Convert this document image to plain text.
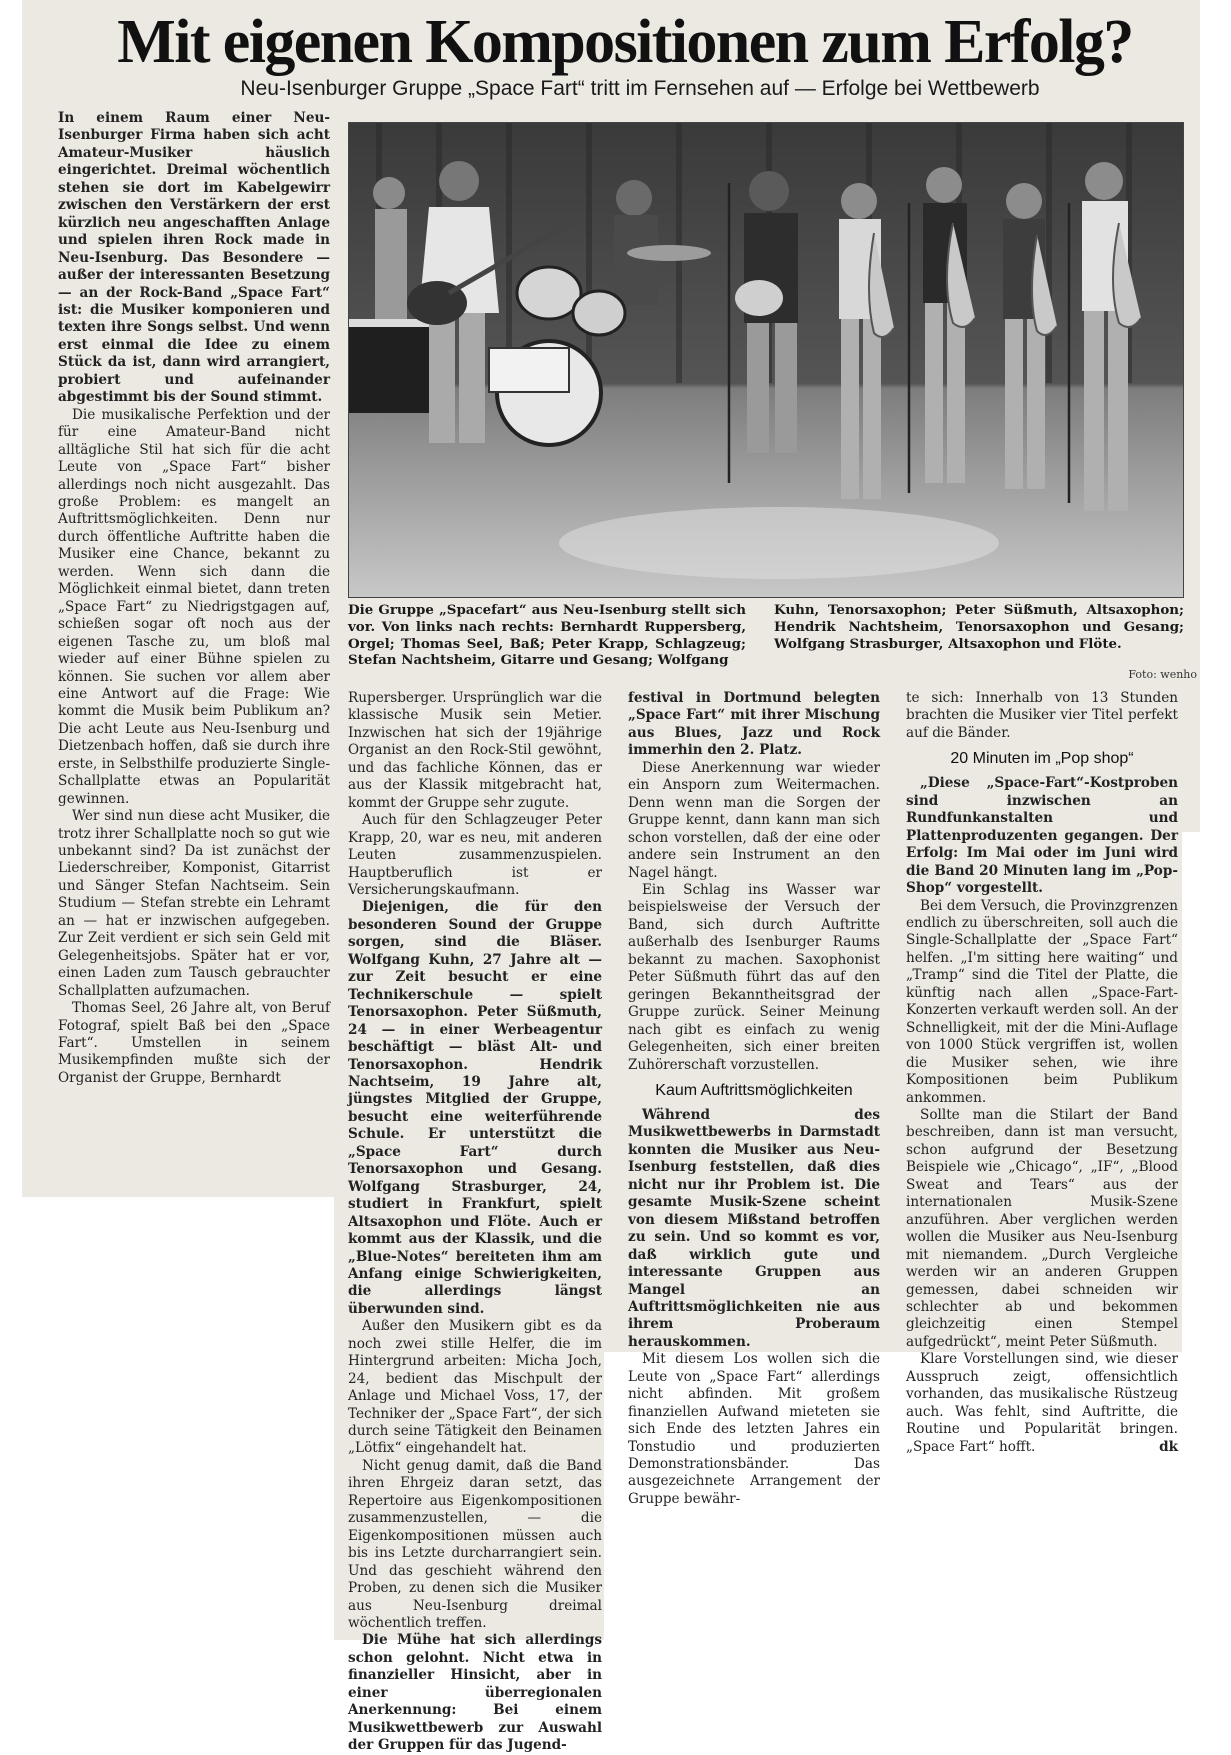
Mit eigenen Kompositionen zum Erfolg?

Neu-Isenburger Gruppe „Space Fart“ tritt im Fernsehen auf — Erfolge bei Wettbewerb

In einem Raum einer Neu-Isenburger Firma haben sich acht Amateur-Musiker häuslich eingerichtet. Dreimal wöchentlich stehen sie dort im Kabelgewirr zwischen den Verstärkern der erst kürzlich neu angeschafften Anlage und spielen ihren Rock made in Neu-Isenburg. Das Besondere — außer der interessanten Besetzung — an der Rock-Band „Space Fart“ ist: die Musiker komponieren und texten ihre Songs selbst. Und wenn erst einmal die Idee zu einem Stück da ist, dann wird arrangiert, probiert und aufeinander abgestimmt bis der Sound stimmt.

Die musikalische Perfektion und der für eine Amateur-Band nicht alltägliche Stil hat sich für die acht Leute von „Space Fart“ bisher allerdings noch nicht ausgezahlt. Das große Problem: es mangelt an Auftrittsmöglichkeiten. Denn nur durch öffentliche Auftritte haben die Musiker eine Chance, bekannt zu werden. Wenn sich dann die Möglichkeit einmal bietet, dann treten „Space Fart“ zu Niedrigstgagen auf, schießen sogar oft noch aus der eigenen Tasche zu, um bloß mal wieder auf einer Bühne spielen zu können. Sie suchen vor allem aber eine Antwort auf die Frage: Wie kommt die Musik beim Publikum an? Die acht Leute aus Neu-Isenburg und Dietzenbach hoffen, daß sie durch ihre erste, in Selbsthilfe produzierte Single-Schallplatte etwas an Popularität gewinnen.

Wer sind nun diese acht Musiker, die trotz ihrer Schallplatte noch so gut wie unbekannt sind? Da ist zunächst der Liederschreiber, Komponist, Gitarrist und Sänger Stefan Nachtseim. Sein Studium — Stefan strebte ein Lehramt an — hat er inzwischen aufgegeben. Zur Zeit verdient er sich sein Geld mit Gelegenheitsjobs. Später hat er vor, einen Laden zum Tausch gebrauchter Schallplatten aufzumachen.

Thomas Seel, 26 Jahre alt, von Beruf Fotograf, spielt Baß bei den „Space Fart“. Umstellen in seinem Musikempfinden mußte sich der Organist der Gruppe, Bernhardt

Die Gruppe „Spacefart“ aus Neu-Isenburg stellt sich vor. Von links nach rechts: Bernhardt Ruppersberg, Orgel; Thomas Seel, Baß; Peter Krapp, Schlagzeug; Stefan Nachtsheim, Gitarre und Gesang; Wolfgang

Kuhn, Tenorsaxophon; Peter Süßmuth, Altsaxophon; Hendrik Nachtsheim, Tenorsaxophon und Gesang; Wolfgang Strasburger, Altsaxophon und Flöte.

Foto: wenho

Rupersberger. Ursprünglich war die klassische Musik sein Metier. Inzwischen hat sich der 19jährige Organist an den Rock-Stil gewöhnt, und das fachliche Können, das er aus der Klassik mitgebracht hat, kommt der Gruppe sehr zugute.

Auch für den Schlagzeuger Peter Krapp, 20, war es neu, mit anderen Leuten zusammenzuspielen. Hauptberuflich ist er Versicherungskaufmann.

Diejenigen, die für den besonderen Sound der Gruppe sorgen, sind die Bläser. Wolfgang Kuhn, 27 Jahre alt — zur Zeit besucht er eine Technikerschule — spielt Tenorsaxophon. Peter Süßmuth, 24 — in einer Werbeagentur beschäftigt — bläst Alt- und Tenorsaxophon. Hendrik Nachtseim, 19 Jahre alt, jüngstes Mitglied der Gruppe, besucht eine weiterführende Schule. Er unterstützt die „Space Fart“ durch Tenorsaxophon und Gesang. Wolfgang Strasburger, 24, studiert in Frankfurt, spielt Altsaxophon und Flöte. Auch er kommt aus der Klassik, und die „Blue-Notes“ bereiteten ihm am Anfang einige Schwierigkeiten, die allerdings längst überwunden sind.

Außer den Musikern gibt es da noch zwei stille Helfer, die im Hintergrund arbeiten: Micha Joch, 24, bedient das Mischpult der Anlage und Michael Voss, 17, der Techniker der „Space Fart“, der sich durch seine Tätigkeit den Beinamen „Lötfix“ eingehandelt hat.

Nicht genug damit, daß die Band ihren Ehrgeiz daran setzt, das Repertoire aus Eigenkompositionen zusammenzustellen, — die Eigenkompositionen müssen auch bis ins Letzte durcharrangiert sein. Und das geschieht während den Proben, zu denen sich die Musiker aus Neu-Isenburg dreimal wöchentlich treffen.

Die Mühe hat sich allerdings schon gelohnt. Nicht etwa in finanzieller Hinsicht, aber in einer überregionalen Anerkennung: Bei einem Musikwettbewerb zur Auswahl der Gruppen für das Jugend-

festival in Dortmund belegten „Space Fart“ mit ihrer Mischung aus Blues, Jazz und Rock immerhin den 2. Platz.

Diese Anerkennung war wieder ein Ansporn zum Weitermachen. Denn wenn man die Sorgen der Gruppe kennt, dann kann man sich schon vorstellen, daß der eine oder andere sein Instrument an den Nagel hängt.

Ein Schlag ins Wasser war beispielsweise der Versuch der Band, sich durch Auftritte außerhalb des Isenburger Raums bekannt zu machen. Saxophonist Peter Süßmuth führt das auf den geringen Bekanntheitsgrad der Gruppe zurück. Seiner Meinung nach gibt es einfach zu wenig Gelegenheiten, sich einer breiten Zuhörerschaft vorzustellen.

Kaum Auftrittsmöglichkeiten

Während des Musikwettbewerbs in Darmstadt konnten die Musiker aus Neu-Isenburg feststellen, daß dies nicht nur ihr Problem ist. Die gesamte Musik-Szene scheint von diesem Mißstand betroffen zu sein. Und so kommt es vor, daß wirklich gute und interessante Gruppen aus Mangel an Auftrittsmöglichkeiten nie aus ihrem Proberaum herauskommen.

Mit diesem Los wollen sich die Leute von „Space Fart“ allerdings nicht abfinden. Mit großem finanziellen Aufwand mieteten sie sich Ende des letzten Jahres ein Tonstudio und produzierten Demonstrationsbänder. Das ausgezeichnete Arrangement der Gruppe bewähr-

te sich: Innerhalb von 13 Stunden brachten die Musiker vier Titel perfekt auf die Bänder.

20 Minuten im „Pop shop“

„Diese „Space-Fart“-Kostproben sind inzwischen an Rundfunkanstalten und Plattenproduzenten gegangen. Der Erfolg: Im Mai oder im Juni wird die Band 20 Minuten lang im „Pop-Shop“ vorgestellt.

Bei dem Versuch, die Provinzgrenzen endlich zu überschreiten, soll auch die Single-Schallplatte der „Space Fart“ helfen. „I'm sitting here waiting“ und „Tramp“ sind die Titel der Platte, die künftig nach allen „Space-Fart-Konzerten verkauft werden soll. An der Schnelligkeit, mit der die Mini-Auflage von 1000 Stück vergriffen ist, wollen die Musiker sehen, wie ihre Kompositionen beim Publikum ankommen.

Sollte man die Stilart der Band beschreiben, dann ist man versucht, schon aufgrund der Besetzung Beispiele wie „Chicago“, „IF“, „Blood Sweat and Tears“ aus der internationalen Musik-Szene anzuführen. Aber verglichen werden wollen die Musiker aus Neu-Isenburg mit niemandem. „Durch Vergleiche werden wir an anderen Gruppen gemessen, dabei schneiden wir schlechter ab und bekommen gleichzeitig einen Stempel aufgedrückt“, meint Peter Süßmuth.

Klare Vorstellungen sind, wie dieser Ausspruch zeigt, offensichtlich vorhanden, das musikalische Rüstzeug auch. Was fehlt, sind Auftritte, die Routine und Popularität bringen. „Space Fart“ hofft.	dk
